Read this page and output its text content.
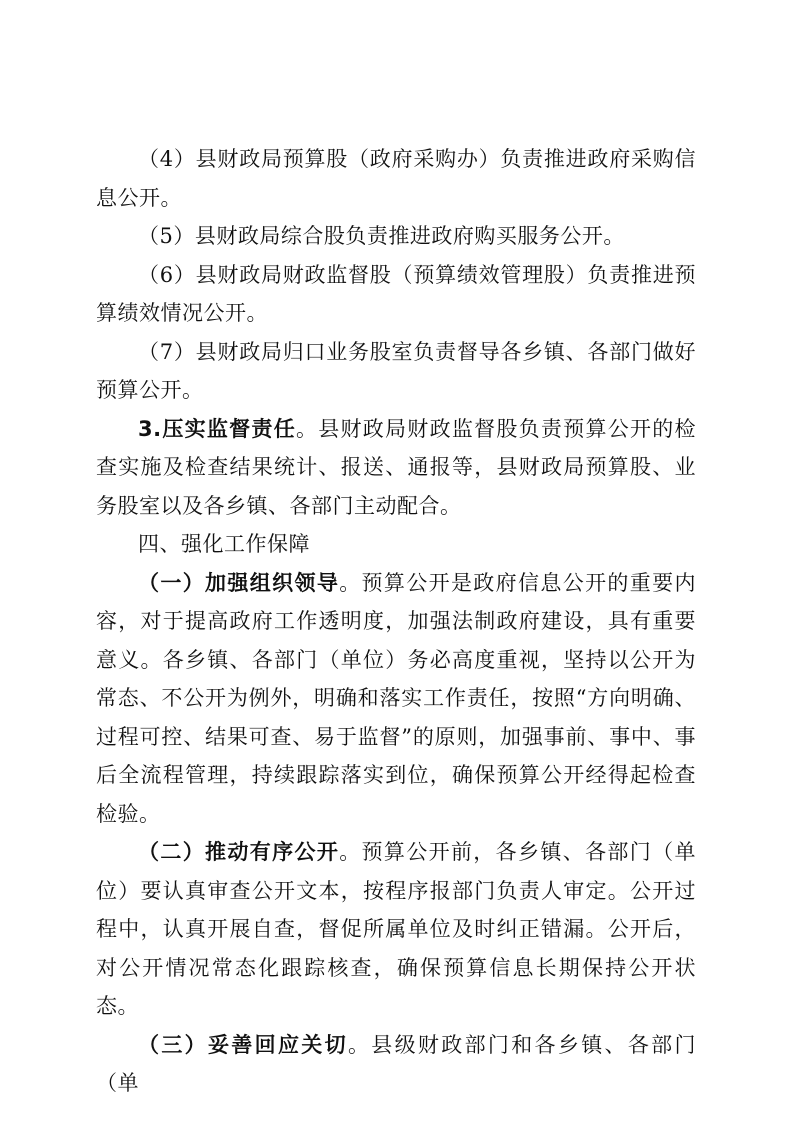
（4）县财政局预算股（政府采购办）负责推进政府采购信息公开。

（5）县财政局综合股负责推进政府购买服务公开。

（6）县财政局财政监督股（预算绩效管理股）负责推进预算绩效情况公开。

（7）县财政局归口业务股室负责督导各乡镇、各部门做好预算公开。

3.压实监督责任。县财政局财政监督股负责预算公开的检查实施及检查结果统计、报送、通报等，县财政局预算股、业务股室以及各乡镇、各部门主动配合。

四、强化工作保障

（一）加强组织领导。预算公开是政府信息公开的重要内容，对于提高政府工作透明度，加强法制政府建设，具有重要意义。各乡镇、各部门（单位）务必高度重视，坚持以公开为常态、不公开为例外，明确和落实工作责任，按照“方向明确、过程可控、结果可查、易于监督”的原则，加强事前、事中、事后全流程管理，持续跟踪落实到位，确保预算公开经得起检查检验。

（二）推动有序公开。预算公开前，各乡镇、各部门（单位）要认真审查公开文本，按程序报部门负责人审定。公开过程中，认真开展自查，督促所属单位及时纠正错漏。公开后，对公开情况常态化跟踪核查，确保预算信息长期保持公开状态。

（三）妥善回应关切。县级财政部门和各乡镇、各部门（单
